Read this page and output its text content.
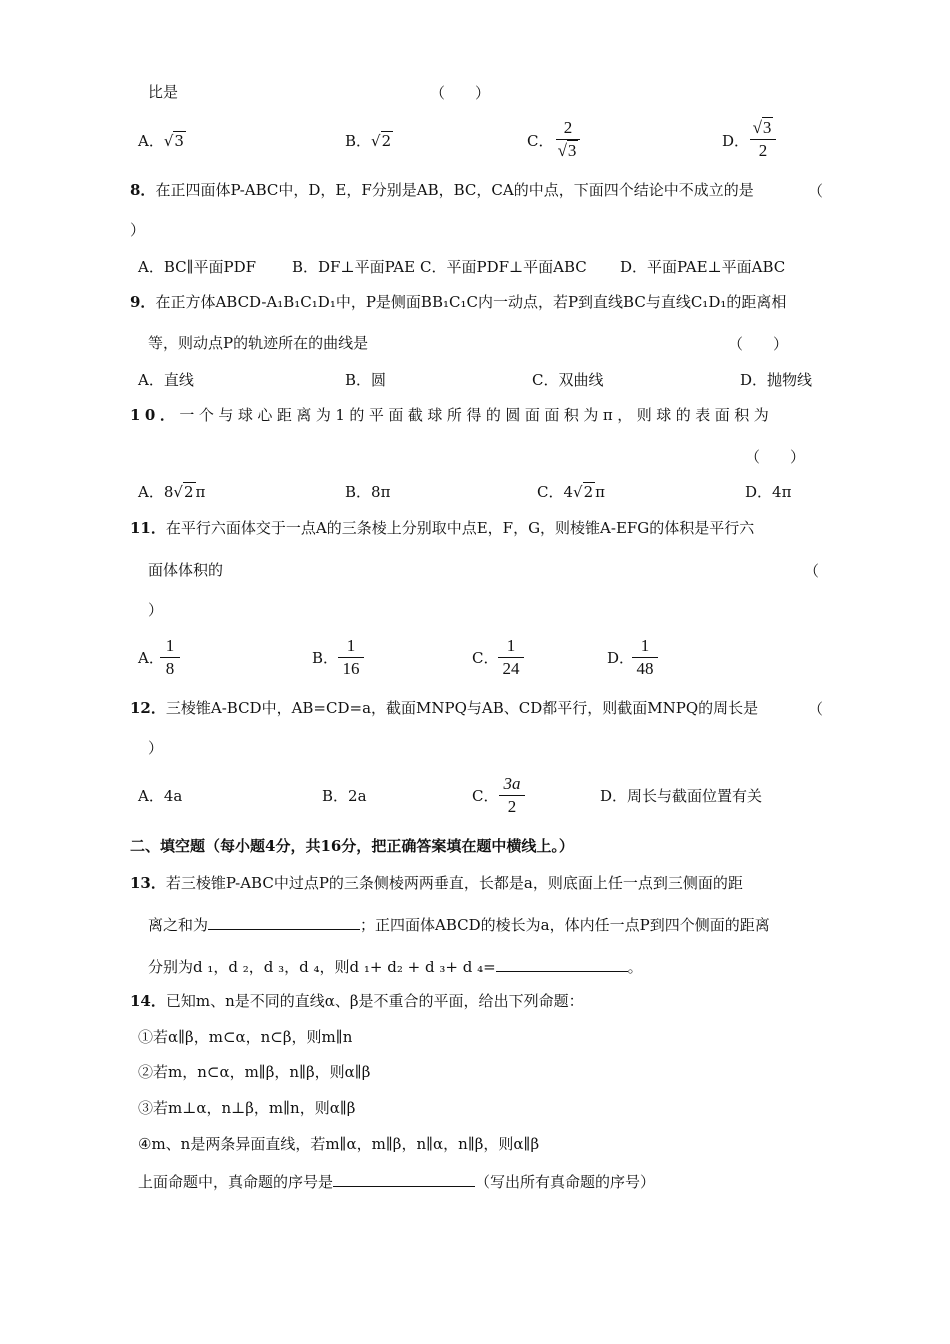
比是	（　　）
A．√3	B．√2	C．
2
√3	D．
√3
2
8．在正四面体P-ABC中，D，E，F分别是AB，BC，CA的中点，下面四个结论中不成立的是	（
）
A．BC∥平面PDF B．DF⊥平面PAE C．平面PDF⊥平面ABC D．平面PAE⊥平面ABC
9．在正方体ABCD-A₁B₁C₁D₁中，P是侧面BB₁C₁C内一动点，若P到直线BC与直线C₁D₁的距离相
等，则动点P的轨迹所在的曲线是	（　　）
A．直线	B．圆	C．双曲线	D．抛物线
10．一个与球心距离为1的平面截球所得的圆面面积为π，则球的表面积为
（　　）
A．8√2 π	B．8π	C．4√2 π	D．4π
11．在平行六面体交于一点A的三条棱上分别取中点E，F，G，则棱锥A-EFG的体积是平行六
面体体积的	（
）
A．
1
8
B．
1
16
C．
1
24
D．
1
48
12．三棱锥A-BCD中，AB=CD=a，截面MNPQ与AB、CD都平行，则截面MNPQ的周长是	（
）
A．4a	B．2a	C．
3a
2
D．周长与截面位置有关
二、填空题（每小题4分，共16分，把正确答案填在题中横线上。）
13．若三棱锥P-ABC中过点P的三条侧棱两两垂直，长都是a，则底面上任一点到三侧面的距
离之和为	；正四面体ABCD的棱长为a，体内任一点P到四个侧面的距离
分别为d ₁，d ₂，d ₃，d ₄，则d ₁+ d₂ + d ₃+ d ₄=	。
14．已知m、n是不同的直线α、β是不重合的平面，给出下列命题：
①若α∥β，m⊂α，n⊂β，则m∥n
②若m，n⊂α，m∥β，n∥β，则α∥β
③若m⊥α，n⊥β，m∥n，则α∥β
④m、n是两条异面直线，若m∥α，m∥β，n∥α，n∥β，则α∥β
上面命题中，真命题的序号是	（写出所有真命题的序号）
